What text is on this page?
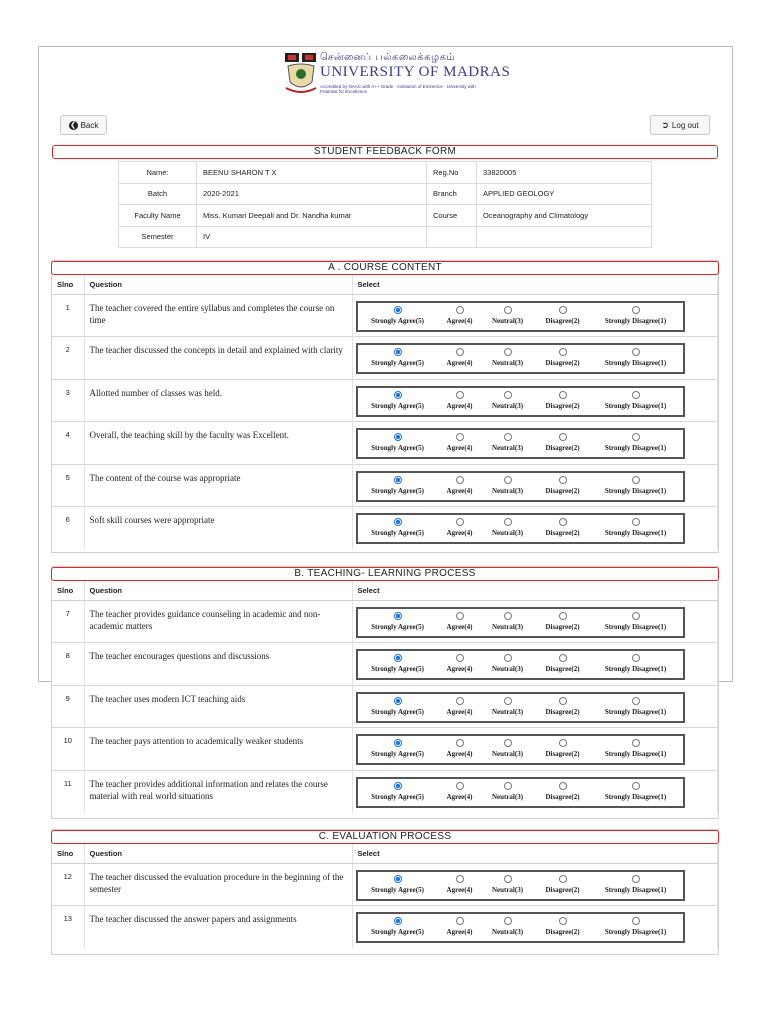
சென்னைப் பல்கலைக்கழகம்
UNIVERSITY OF MADRAS
Accredited by NAAC with A++ Grade · Institution of Eminence · University with Potential for Excellence
❮ Back	➲ Log out
STUDENT FEEDBACK FORM
Name:	BEENU SHARON T X	Reg.No	33820005
Batch	2020-2021	Branch	APPLIED GEOLOGY
Faculty Name	Miss. Kumari Deepali and Dr. Nandha kumar	Course	Oceanography and Climatology
Semester	IV		
A . COURSE CONTENT
Slno	Question	Select
1	The teacher covered the entire syllabus and completes the course on time	Strongly Agree(5) Agree(4) Neutral(3) Disagree(2) Strongly Disagree(1)

2	The teacher discussed the concepts in detail and explained with clarity	Strongly Agree(5) Agree(4) Neutral(3) Disagree(2) Strongly Disagree(1)

3	Allotted number of classes was held.	Strongly Agree(5) Agree(4) Neutral(3) Disagree(2) Strongly Disagree(1)

4	Overall, the teaching skill by the faculty was Excellent.	Strongly Agree(5) Agree(4) Neutral(3) Disagree(2) Strongly Disagree(1)

5	The content of the course was appropriate	Strongly Agree(5) Agree(4) Neutral(3) Disagree(2) Strongly Disagree(1)

6	Soft skill courses were appropriate	Strongly Agree(5) Agree(4) Neutral(3) Disagree(2) Strongly Disagree(1)
B. TEACHING- LEARNING PROCESS
Slno	Question	Select
7	The teacher provides guidance counseling in academic and non-academic matters	Strongly Agree(5) Agree(4) Neutral(3) Disagree(2) Strongly Disagree(1)

8	The teacher encourages questions and discussions	Strongly Agree(5) Agree(4) Neutral(3) Disagree(2) Strongly Disagree(1)

9	The teacher uses modern ICT teaching aids	Strongly Agree(5) Agree(4) Neutral(3) Disagree(2) Strongly Disagree(1)

10	The teacher pays attention to academically weaker students	Strongly Agree(5) Agree(4) Neutral(3) Disagree(2) Strongly Disagree(1)

11	The teacher provides additional information and relates the course material with real world situations	Strongly Agree(5) Agree(4) Neutral(3) Disagree(2) Strongly Disagree(1)
C. EVALUATION PROCESS
Slno	Question	Select
12	The teacher discussed the evaluation procedure in the beginning of the semester	Strongly Agree(5) Agree(4) Neutral(3) Disagree(2) Strongly Disagree(1)

13	The teacher discussed the answer papers and assignments	Strongly Agree(5) Agree(4) Neutral(3) Disagree(2) Strongly Disagree(1)
